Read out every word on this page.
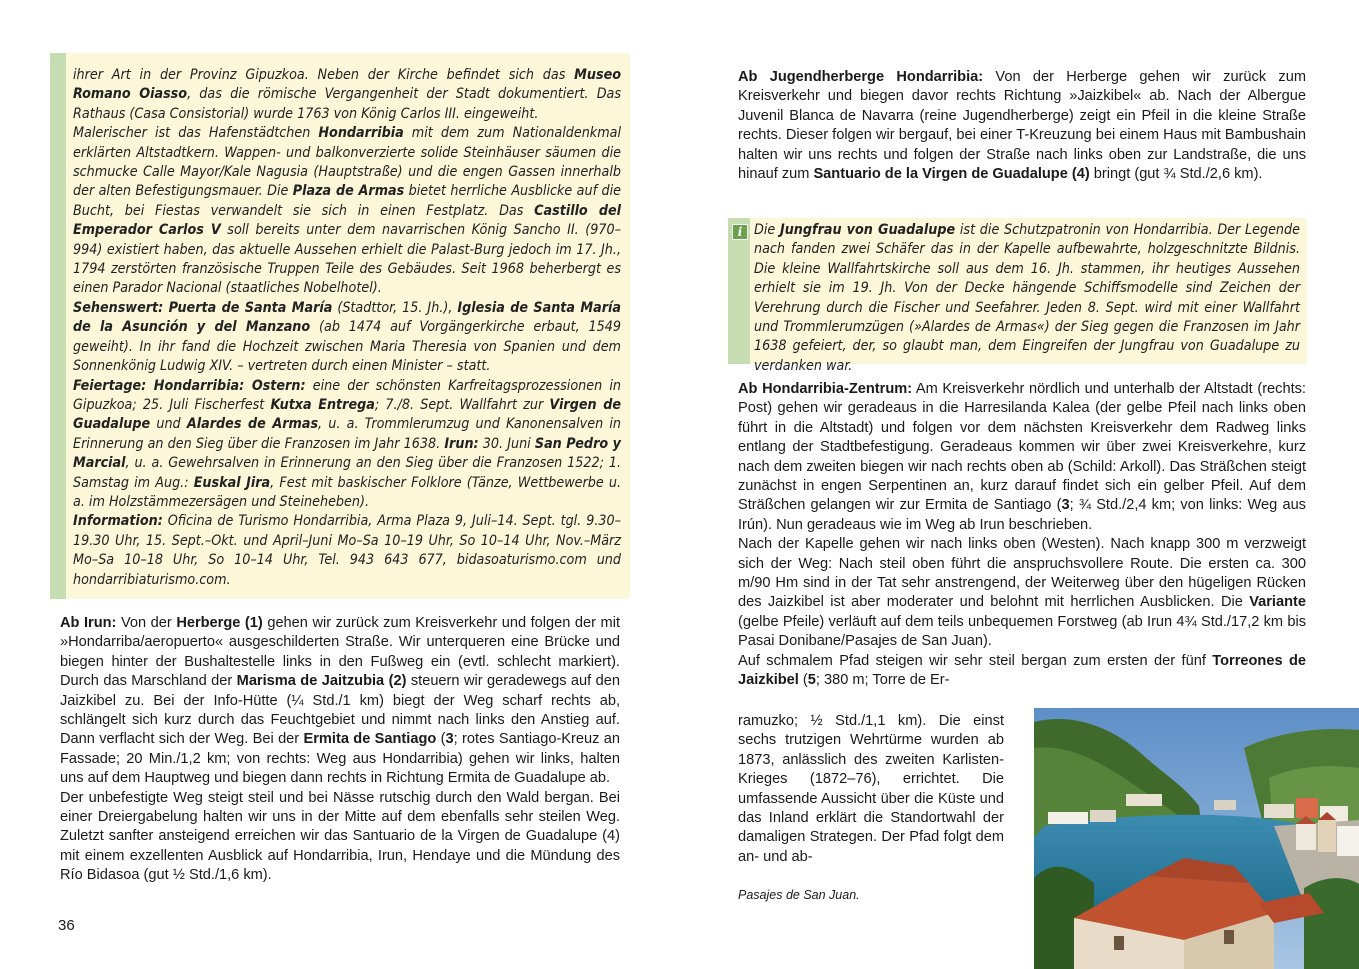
ihrer Art in der Provinz Gipuzkoa. Neben der Kirche befindet sich das Museo Romano Oiasso, das die römische Vergangenheit der Stadt dokumentiert. Das Rathaus (Casa Consistorial) wurde 1763 von König Carlos III. eingeweiht.

Malerischer ist das Hafenstädtchen Hondarribia mit dem zum Nationaldenkmal erklärten Altstadtkern. Wappen- und balkonverzierte solide Steinhäuser säumen die schmucke Calle Mayor/Kale Nagusia (Hauptstraße) und die engen Gassen innerhalb der alten Befestigungsmauer. Die Plaza de Armas bietet herrliche Ausblicke auf die Bucht, bei Fiestas verwandelt sie sich in einen Festplatz. Das Castillo del Emperador Carlos V soll bereits unter dem navarrischen König Sancho II. (970–994) existiert haben, das aktuelle Aussehen erhielt die Palast-Burg jedoch im 17. Jh., 1794 zerstörten französische Truppen Teile des Gebäudes. Seit 1968 beherbergt es einen Parador Nacional (staatliches Nobelhotel).

Sehenswert: Puerta de Santa María (Stadttor, 15. Jh.), Iglesia de Santa María de la Asunción y del Manzano (ab 1474 auf Vorgängerkirche erbaut, 1549 geweiht). In ihr fand die Hochzeit zwischen Maria Theresia von Spanien und dem Sonnenkönig Ludwig XIV. – vertreten durch einen Minister – statt.

Feiertage: Hondarribia: Ostern: eine der schönsten Karfreitagsprozessionen in Gipuzkoa; 25. Juli Fischerfest Kutxa Entrega; 7./8. Sept. Wallfahrt zur Virgen de Guadalupe und Alardes de Armas, u. a. Trommlerumzug und Kanonensalven in Erinnerung an den Sieg über die Franzosen im Jahr 1638. Irun: 30. Juni San Pedro y Marcial, u. a. Gewehrsalven in Erinnerung an den Sieg über die Franzosen 1522; 1. Samstag im Aug.: Euskal Jira, Fest mit baskischer Folklore (Tänze, Wettbewerbe u. a. im Holzstämmezersägen und Steineheben).

Information: Oficina de Turismo Hondarribia, Arma Plaza 9, Juli–14. Sept. tgl. 9.30–19.30 Uhr, 15. Sept.–Okt. und April–Juni Mo–Sa 10–19 Uhr, So 10–14 Uhr, Nov.–März Mo–Sa 10–18 Uhr, So 10–14 Uhr, Tel. 943 643 677, bidasoaturismo.com und hondarribiaturismo.com.

Ab Irun: Von der Herberge (1) gehen wir zurück zum Kreisverkehr und folgen der mit »Hondarriba/aeropuerto« ausgeschilderten Straße. Wir unterqueren eine Brücke und biegen hinter der Bushaltestelle links in den Fußweg ein (evtl. schlecht markiert). Durch das Marschland der Marisma de Jaitzubia (2) steuern wir geradewegs auf den Jaizkibel zu. Bei der Info-Hütte (¼ Std./1 km) biegt der Weg scharf rechts ab, schlängelt sich kurz durch das Feuchtgebiet und nimmt nach links den Anstieg auf. Dann verflacht sich der Weg. Bei der Ermita de Santiago (3; rotes Santiago-Kreuz an Fassade; 20 Min./1,2 km; von rechts: Weg aus Hondarribia) gehen wir links, halten uns auf dem Hauptweg und biegen dann rechts in Richtung Ermita de Guadalupe ab.

Der unbefestigte Weg steigt steil und bei Nässe rutschig durch den Wald bergan. Bei einer Dreiergabelung halten wir uns in der Mitte auf dem ebenfalls sehr steilen Weg. Zuletzt sanfter ansteigend erreichen wir das Santuario de la Virgen de Guadalupe (4) mit einem exzellenten Ausblick auf Hondarribia, Irun, Hendaye und die Mündung des Río Bidasoa (gut ½ Std./1,6 km).

36

Ab Jugendherberge Hondarribia: Von der Herberge gehen wir zurück zum Kreisverkehr und biegen davor rechts Richtung »Jaizkibel« ab. Nach der Albergue Juvenil Blanca de Navarra (reine Jugendherberge) zeigt ein Pfeil in die kleine Straße rechts. Dieser folgen wir bergauf, bei einer T-Kreuzung bei einem Haus mit Bambushain halten wir uns rechts und folgen der Straße nach links oben zur Landstraße, die uns hinauf zum Santuario de la Virgen de Guadalupe (4) bringt (gut ¾ Std./2,6 km).

i Die Jungfrau von Guadalupe ist die Schutzpatronin von Hondarribia. Der Legende nach fanden zwei Schäfer das in der Kapelle aufbewahrte, holzgeschnitzte Bildnis. Die kleine Wallfahrtskirche soll aus dem 16. Jh. stammen, ihr heutiges Aussehen erhielt sie im 19. Jh. Von der Decke hängende Schiffsmodelle sind Zeichen der Verehrung durch die Fischer und Seefahrer. Jeden 8. Sept. wird mit einer Wallfahrt und Trommlerumzügen (»Alardes de Armas«) der Sieg gegen die Franzosen im Jahr 1638 gefeiert, der, so glaubt man, dem Eingreifen der Jungfrau von Guadalupe zu verdanken war.

Ab Hondarribia-Zentrum: Am Kreisverkehr nördlich und unterhalb der Altstadt (rechts: Post) gehen wir geradeaus in die Harresilanda Kalea (der gelbe Pfeil nach links oben führt in die Altstadt) und folgen vor dem nächsten Kreisverkehr dem Radweg links entlang der Stadtbefestigung. Geradeaus kommen wir über zwei Kreisverkehre, kurz nach dem zweiten biegen wir nach rechts oben ab (Schild: Arkoll). Das Sträßchen steigt zunächst in engen Serpentinen an, kurz darauf findet sich ein gelber Pfeil. Auf dem Sträßchen gelangen wir zur Ermita de Santiago (3; ¾ Std./2,4 km; von links: Weg aus Irún). Nun geradeaus wie im Weg ab Irun beschrieben.

Nach der Kapelle gehen wir nach links oben (Westen). Nach knapp 300 m verzweigt sich der Weg: Nach steil oben führt die anspruchsvollere Route. Die ersten ca. 300 m/90 Hm sind in der Tat sehr anstrengend, der Weiterweg über den hügeligen Rücken des Jaizkibel ist aber moderater und belohnt mit herrlichen Ausblicken. Die Variante (gelbe Pfeile) verläuft auf dem teils unbequemen Forstweg (ab Irun 4¾ Std./17,2 km bis Pasai Donibane/Pasajes de San Juan).

Auf schmalem Pfad steigen wir sehr steil bergan zum ersten der fünf Torreones de Jaizkibel (5; 380 m; Torre de Er-

ramuzko; ½ Std./1,1 km). Die einst sechs trutzigen Wehrtürme wurden ab 1873, anlässlich des zweiten Karlisten-Krieges (1872–76), errichtet. Die umfassende Aussicht über die Küste und das Inland erklärt die Standortwahl der damaligen Strategen. Der Pfad folgt dem an- und ab-

Pasajes de San Juan.
